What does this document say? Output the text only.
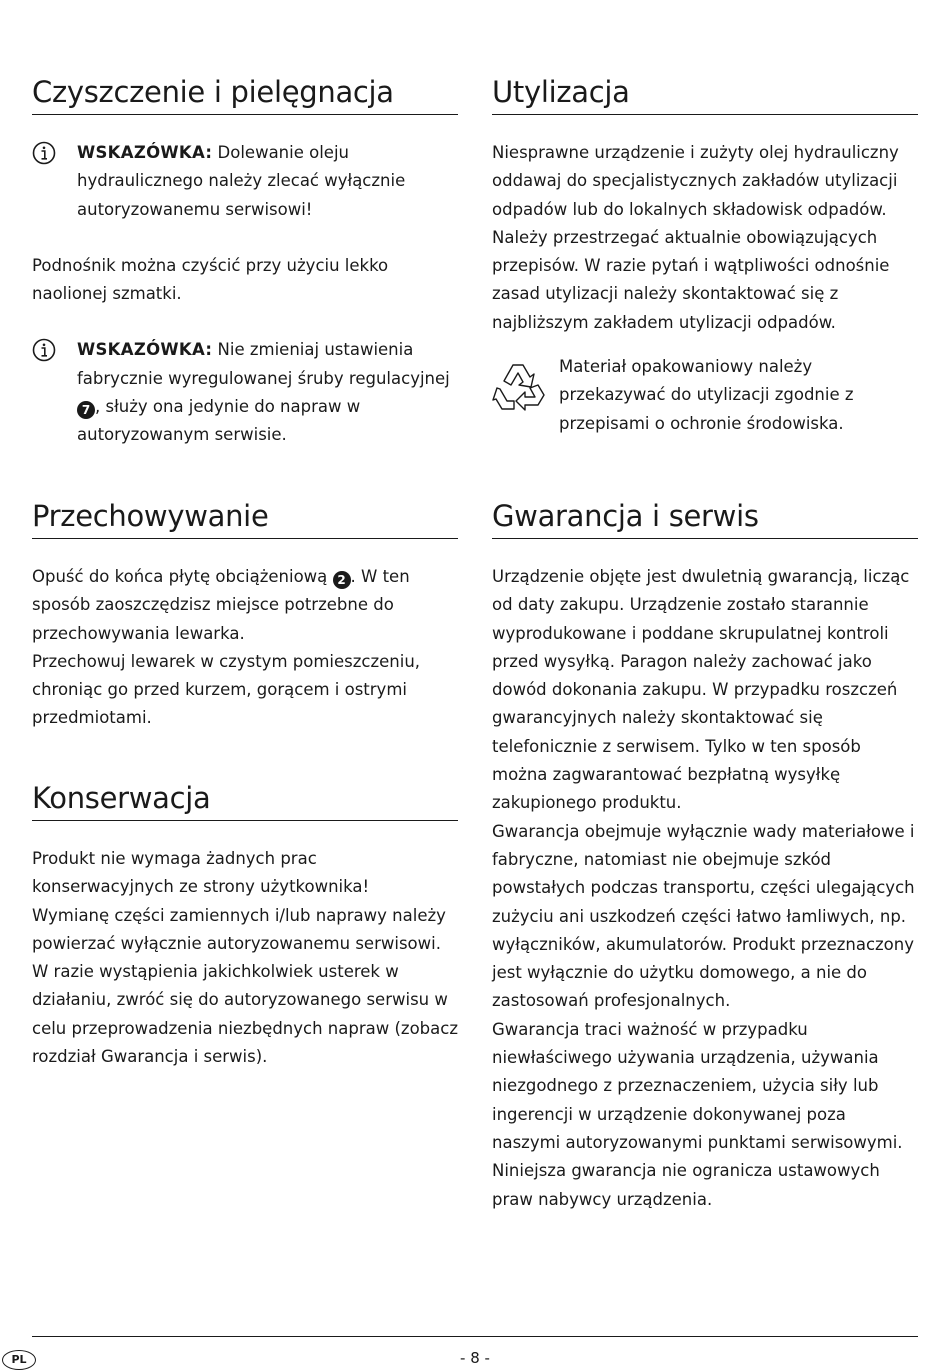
Czyszczenie i pielęgnacja

WSKAZÓWKA: Dolewanie oleju hydraulicznego należy zlecać wyłącznie autoryzowanemu serwisowi!

Podnośnik można czyścić przy użyciu lekko naolionej szmatki.

WSKAZÓWKA: Nie zmieniaj ustawienia fabrycznie wyregulowanej śruby regulacyjnej 7 , służy ona jedynie do napraw w autoryzowanym serwisie.

Przechowywanie

Opuść do końca płytę obciążeniową 2 . W ten sposób zaoszczędzisz miejsce potrzebne do przechowywania lewarka.

Przechowuj lewarek w czystym pomieszczeniu, chroniąc go przed kurzem, gorącem i ostrymi przedmiotami.

Konserwacja

Produkt nie wymaga żadnych prac konserwacyjnych ze strony użytkownika!

Wymianę części zamiennych i/lub naprawy należy powierzać wyłącznie autoryzowanemu serwisowi.

W razie wystąpienia jakichkolwiek usterek w działaniu, zwróć się do autoryzowanego serwisu w celu przeprowadzenia niezbędnych napraw (zobacz rozdział Gwarancja i serwis).

Utylizacja

Niesprawne urządzenie i zużyty olej hydrauliczny oddawaj do specjalistycznych zakładów utylizacji odpadów lub do lokalnych składowisk odpadów. Należy przestrzegać aktualnie obowiązujących przepisów. W razie pytań i wątpliwości odnośnie zasad utylizacji należy skontaktować się z najbliższym zakładem utylizacji odpadów.

Materiał opakowaniowy należy przekazywać do utylizacji zgodnie z przepisami o ochronie środowiska.

Gwarancja i serwis

Urządzenie objęte jest dwuletnią gwarancją, licząc od daty zakupu. Urządzenie zostało starannie wyprodukowane i poddane skrupulatnej kontroli przed wysyłką. Paragon należy zachować jako dowód dokonania zakupu. W przypadku roszczeń gwarancyjnych należy skontaktować się telefonicznie z serwisem. Tylko w ten sposób można zagwarantować bezpłatną wysyłkę zakupionego produktu.

Gwarancja obejmuje wyłącznie wady materiałowe i fabryczne, natomiast nie obejmuje szkód powstałych podczas transportu, części ulegających zużyciu ani uszkodzeń części łatwo łamliwych, np. wyłączników, akumulatorów. Produkt przeznaczony jest wyłącznie do użytku domowego, a nie do zastosowań profesjonalnych.

Gwarancja traci ważność w przypadku niewłaściwego używania urządzenia, używania niezgodnego z przeznaczeniem, użycia siły lub ingerencji w urządzenie dokonywanej poza naszymi autoryzowanymi punktami serwisowymi. Niniejsza gwarancja nie ogranicza ustawowych praw nabywcy urządzenia.

PL	- 8 -
